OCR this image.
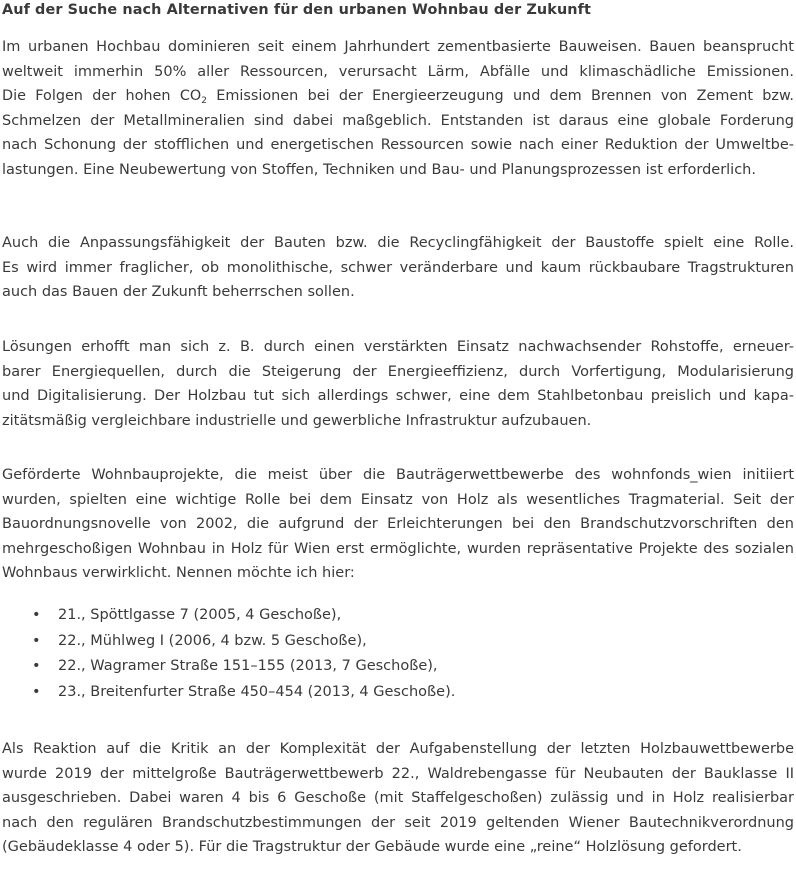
Auf der Suche nach Alternativen für den urbanen Wohnbau der Zukunft

Im urbanen Hochbau dominieren seit einem Jahrhundert zementbasierte Bauweisen. Bauen beansprucht
weltweit immerhin 50% aller Ressourcen, verursacht Lärm, Abfälle und klimaschädliche Emissionen.
Die Folgen der hohen $CO_2$ Emissionen bei der Energieerzeugung und dem Brennen von Zement bzw.
Schmelzen der Metallmineralien sind dabei maßgeblich. Entstanden ist daraus eine globale Forderung
nach Schonung der stofflichen und energetischen Ressourcen sowie nach einer Reduktion der Umweltbe-
lastungen. Eine Neubewertung von Stoffen, Techniken und Bau- und Planungsprozessen ist erforderlich.

Auch die Anpassungsfähigkeit der Bauten bzw. die Recyclingfähigkeit der Baustoffe spielt eine Rolle.
Es wird immer fraglicher, ob monolithische, schwer veränderbare und kaum rückbaubare Tragstrukturen
auch das Bauen der Zukunft beherrschen sollen.

Lösungen erhofft man sich z. B. durch einen verstärkten Einsatz nachwachsender Rohstoffe, erneuer-
barer Energiequellen, durch die Steigerung der Energieeffizienz, durch Vorfertigung, Modularisierung
und Digitalisierung. Der Holzbau tut sich allerdings schwer, eine dem Stahlbetonbau preislich und kapa-
zitätsmäßig vergleichbare industrielle und gewerbliche Infrastruktur aufzubauen.

Geförderte Wohnbauprojekte, die meist über die Bauträgerwettbewerbe des wohnfonds_wien initiiert
wurden, spielten eine wichtige Rolle bei dem Einsatz von Holz als wesentliches Tragmaterial. Seit der
Bauordnungsnovelle von 2002, die aufgrund der Erleichterungen bei den Brandschutzvorschriften den
mehrgeschoßigen Wohnbau in Holz für Wien erst ermöglichte, wurden repräsentative Projekte des sozialen
Wohnbaus verwirklicht. Nennen möchte ich hier:

• 21., Spöttlgasse 7 (2005, 4 Geschoße),
• 22., Mühlweg I (2006, 4 bzw. 5 Geschoße),
• 22., Wagramer Straße 151–155 (2013, 7 Geschoße),
• 23., Breitenfurter Straße 450–454 (2013, 4 Geschoße).

Als Reaktion auf die Kritik an der Komplexität der Aufgabenstellung der letzten Holzbauwettbewerbe
wurde 2019 der mittelgroße Bauträgerwettbewerb 22., Waldrebengasse für Neubauten der Bauklasse II
ausgeschrieben. Dabei waren 4 bis 6 Geschoße (mit Staffelgeschoßen) zulässig und in Holz realisierbar
nach den regulären Brandschutzbestimmungen der seit 2019 geltenden Wiener Bautechnikverordnung
(Gebäudeklasse 4 oder 5). Für die Tragstruktur der Gebäude wurde eine „reine“ Holzlösung gefordert.
